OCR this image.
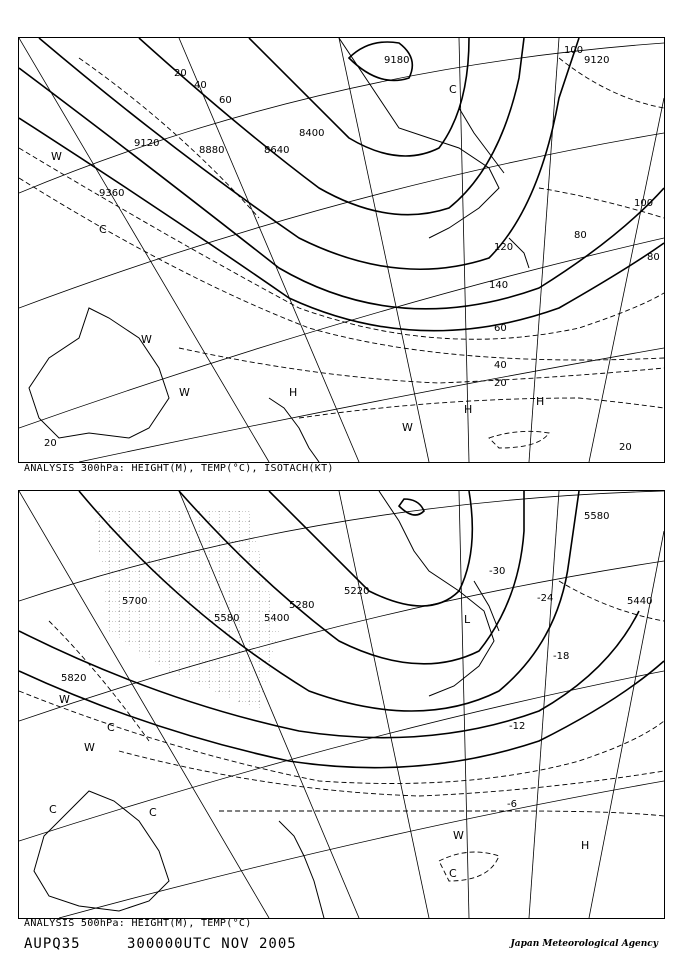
9180
8400
8640
8880
9120
9360
9120
20
40
60
80
100
120
140
100
80
60
40
20
20	20
W
C
W
W	H
W
H
H
C
ANALYSIS 300hPa: HEIGHT(M), TEMP(°C), ISOTACH(KT)
5220
5280
5400
5580
5700
5820
5440
5580
-30
-24
-18
-12
-6
L
W
W
C	C
C
W
H
C
ANALYSIS 500hPa: HEIGHT(M), TEMP(°C)
AUPQ35	300000UTC NOV 2005	Japan Meteorological Agency
